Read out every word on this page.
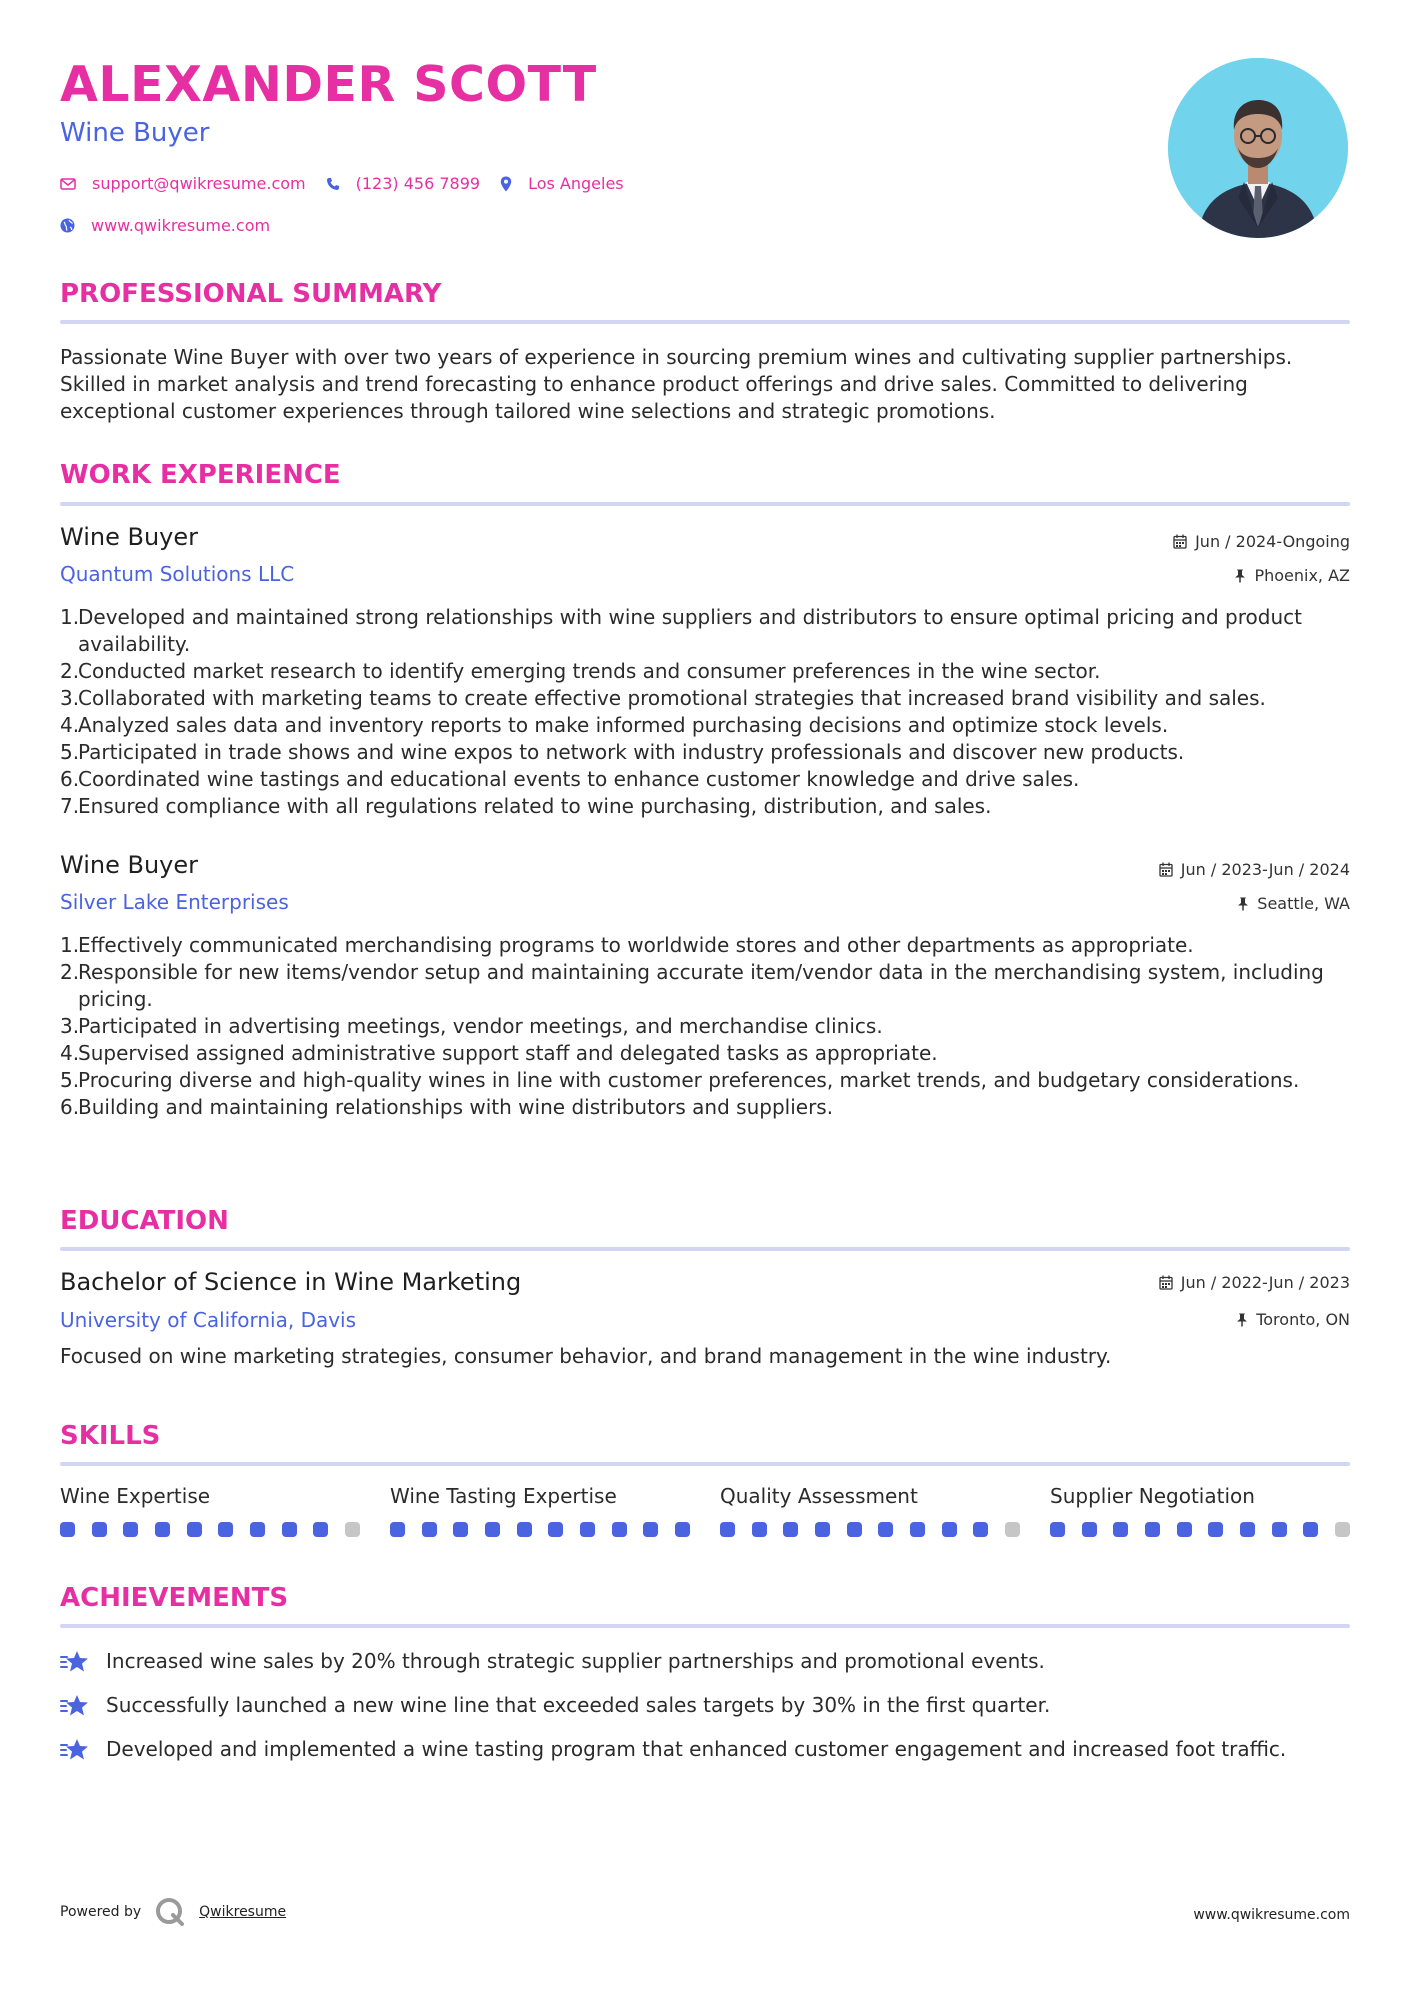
ALEXANDER SCOTT
Wine Buyer
support@qwikresume.com	(123) 456 7899	Los Angeles
www.qwikresume.com
PROFESSIONAL SUMMARY
Passionate Wine Buyer with over two years of experience in sourcing premium wines and cultivating supplier partnerships. Skilled in market analysis and trend forecasting to enhance product offerings and drive sales. Committed to delivering exceptional customer experiences through tailored wine selections and strategic promotions.
WORK EXPERIENCE
Wine Buyer
Quantum Solutions LLC
Jun / 2024-Ongoing
Phoenix, AZ
1.
Developed and maintained strong relationships with wine suppliers and distributors to ensure optimal pricing and product availability.
2.
Conducted market research to identify emerging trends and consumer preferences in the wine sector.
3.
Collaborated with marketing teams to create effective promotional strategies that increased brand visibility and sales.
4.
Analyzed sales data and inventory reports to make informed purchasing decisions and optimize stock levels.
5.
Participated in trade shows and wine expos to network with industry professionals and discover new products.
6.
Coordinated wine tastings and educational events to enhance customer knowledge and drive sales.
7.
Ensured compliance with all regulations related to wine purchasing, distribution, and sales.
Wine Buyer
Silver Lake Enterprises
Jun / 2023-Jun / 2024
Seattle, WA
1.
Effectively communicated merchandising programs to worldwide stores and other departments as appropriate.
2.
Responsible for new items/vendor setup and maintaining accurate item/vendor data in the merchandising system, including pricing.
3.
Participated in advertising meetings, vendor meetings, and merchandise clinics.
4.
Supervised assigned administrative support staff and delegated tasks as appropriate.
5.
Procuring diverse and high-quality wines in line with customer preferences, market trends, and budgetary considerations.
6.
Building and maintaining relationships with wine distributors and suppliers.
EDUCATION
Bachelor of Science in Wine Marketing
University of California, Davis
Jun / 2022-Jun / 2023
Toronto, ON
Focused on wine marketing strategies, consumer behavior, and brand management in the wine industry.
SKILLS
Wine Expertise	Wine Tasting Expertise	Quality Assessment	Supplier Negotiation
ACHIEVEMENTS
Increased wine sales by 20% through strategic supplier partnerships and promotional events.
Successfully launched a new wine line that exceeded sales targets by 30% in the first quarter.
Developed and implemented a wine tasting program that enhanced customer engagement and increased foot traffic.
Powered by	Qwikresume	www.qwikresume.com
